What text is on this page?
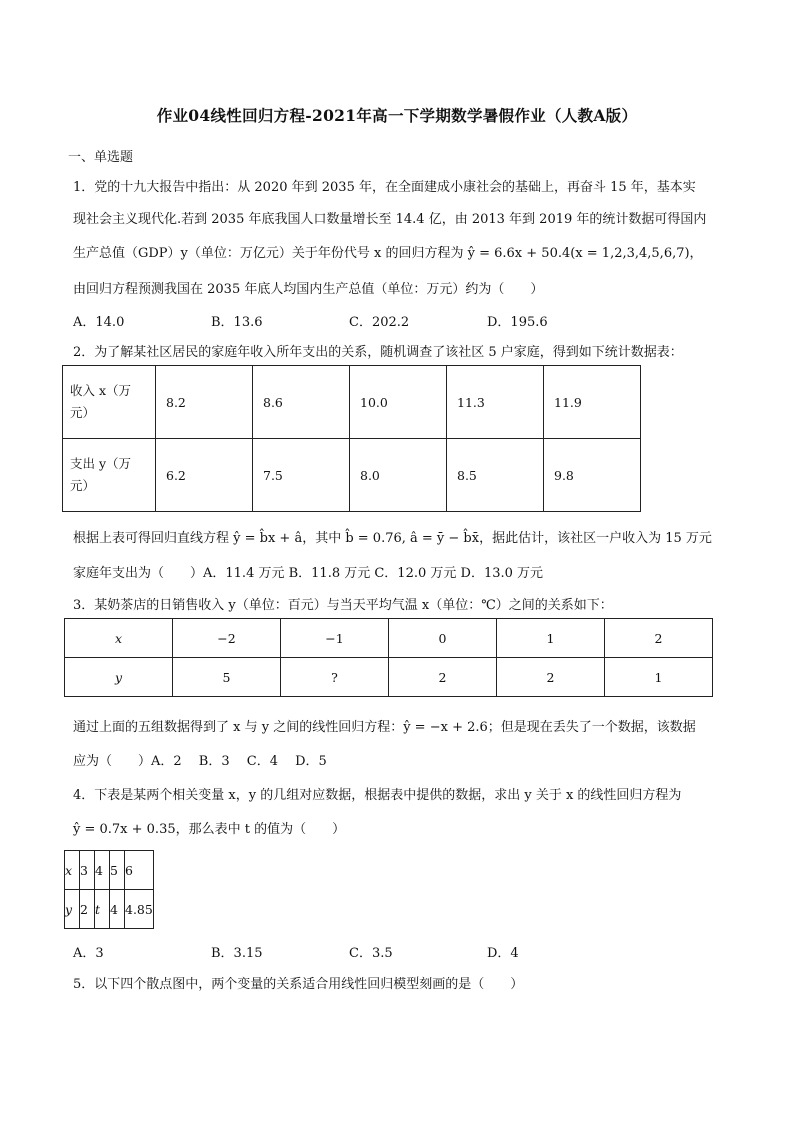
作业04线性回归方程-2021年高一下学期数学暑假作业（人教A版）
一、单选题
1．党的十九大报告中指出：从 2020 年到 2035 年，在全面建成小康社会的基础上，再奋斗 15 年，基本实
现社会主义现代化.若到 2035 年底我国人口数量增长至 14.4 亿，由 2013 年到 2019 年的统计数据可得国内
生产总值（GDP）y（单位：万亿元）关于年份代号 x 的回归方程为 ŷ = 6.6x + 50.4(x = 1,2,3,4,5,6,7)，
由回归方程预测我国在 2035 年底人均国内生产总值（单位：万元）约为（　　）
A．14.0	B．13.6	C．202.2	D．195.6
2．为了解某社区居民的家庭年收入所年支出的关系，随机调查了该社区 5 户家庭，得到如下统计数据表：
收入 x（万
元）	8.2	8.6	10.0	11.3	11.9

支出 y（万
元）	6.2	7.5	8.0	8.5	9.8
根据上表可得回归直线方程 ŷ = b̂x + â，其中 b̂ = 0.76, â = ȳ − b̂x̄，据此估计，该社区一户收入为 15 万元
家庭年支出为（　　）A．11.4 万元 B．11.8 万元 C．12.0 万元 D．13.0 万元
3．某奶茶店的日销售收入 y（单位：百元）与当天平均气温 x（单位：℃）之间的关系如下：
x	−2	−1	0	1	2
y	5	?	2	2	1
通过上面的五组数据得到了 x 与 y 之间的线性回归方程：ŷ = −x + 2.6；但是现在丢失了一个数据，该数据
应为（　　）A．2　 B．3　 C．4　 D．5
4．下表是某两个相关变量 x，y 的几组对应数据，根据表中提供的数据，求出 y 关于 x 的线性回归方程为
ŷ = 0.7x + 0.35，那么表中 t 的值为（　　）
x	3	4	5	6
y	2	t	4	4.85
A．3	B．3.15	C．3.5	D．4
5．以下四个散点图中，两个变量的关系适合用线性回归模型刻画的是（　　）
